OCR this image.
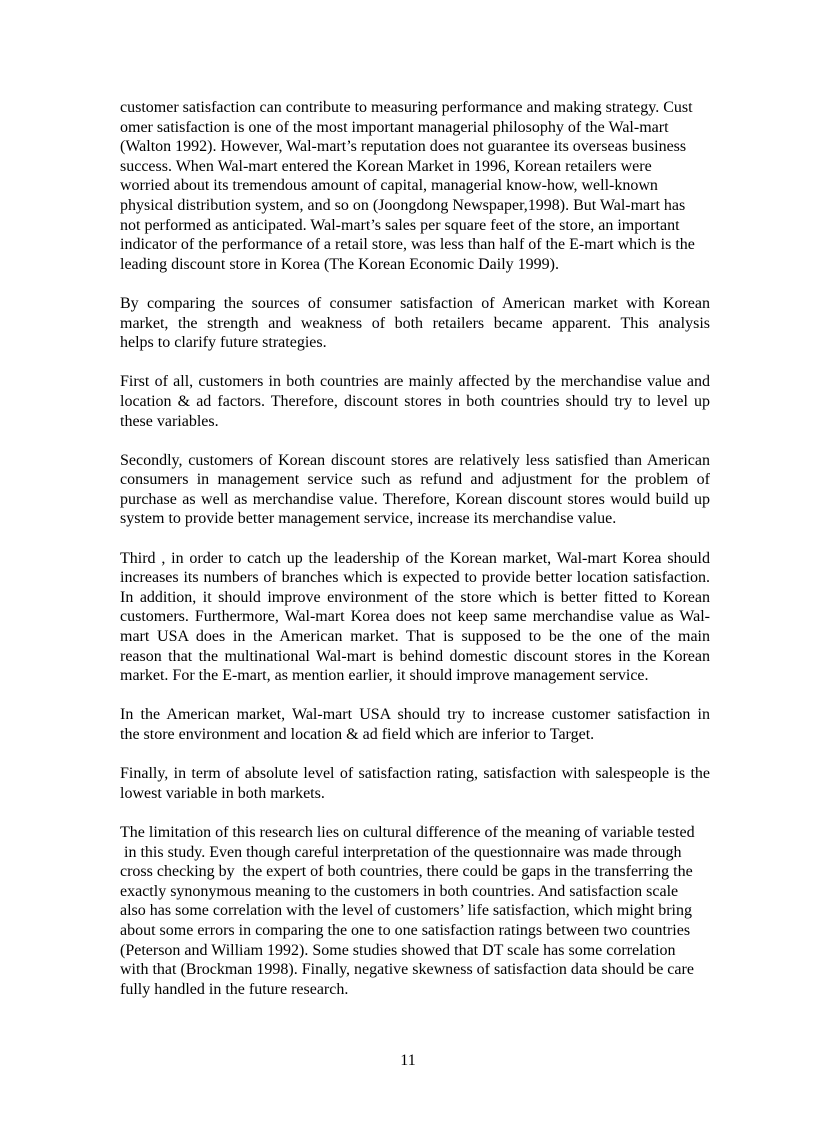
customer satisfaction can contribute to measuring performance and making strategy. Cust
omer satisfaction is one of the most important managerial philosophy of the Wal-mart
(Walton 1992). However, Wal-mart’s reputation does not guarantee its overseas business
success. When Wal-mart entered the Korean Market in 1996, Korean retailers were
worried about its tremendous amount of capital, managerial know-how, well-known
physical distribution system, and so on (Joongdong Newspaper,1998). But Wal-mart has
not performed as anticipated. Wal-mart’s sales per square feet of the store, an important
indicator of the performance of a retail store, was less than half of the E-mart which is the
leading discount store in Korea (The Korean Economic Daily 1999).
By comparing the sources of consumer satisfaction of American market with Korean
market, the strength and weakness of both retailers became apparent. This analysis
helps to clarify future strategies.
First of all, customers in both countries are mainly affected by the merchandise value and
location & ad factors. Therefore, discount stores in both countries should try to level up
these variables.
Secondly, customers of Korean discount stores are relatively less satisfied than American
consumers in management service such as refund and adjustment for the problem of
purchase as well as merchandise value. Therefore, Korean discount stores would build up
system to provide better management service, increase its merchandise value.
Third , in order to catch up the leadership of the Korean market, Wal-mart Korea should
increases its numbers of branches which is expected to provide better location satisfaction.
In addition, it should improve environment of the store which is better fitted to Korean
customers. Furthermore, Wal-mart Korea does not keep same merchandise value as Wal-
mart USA does in the American market. That is supposed to be the one of the main
reason that the multinational Wal-mart is behind domestic discount stores in the Korean
market. For the E-mart, as mention earlier, it should improve management service.
In the American market, Wal-mart USA should try to increase customer satisfaction in
the store environment and location & ad field which are inferior to Target.
Finally, in term of absolute level of satisfaction rating, satisfaction with salespeople is the
lowest variable in both markets.
The limitation of this research lies on cultural difference of the meaning of variable tested
in this study. Even though careful interpretation of the questionnaire was made through
cross checking by  the expert of both countries, there could be gaps in the transferring the
exactly synonymous meaning to the customers in both countries. And satisfaction scale
also has some correlation with the level of customers’ life satisfaction, which might bring
about some errors in comparing the one to one satisfaction ratings between two countries
(Peterson and William 1992). Some studies showed that DT scale has some correlation
with that (Brockman 1998). Finally, negative skewness of satisfaction data should be care
fully handled in the future research.
11
